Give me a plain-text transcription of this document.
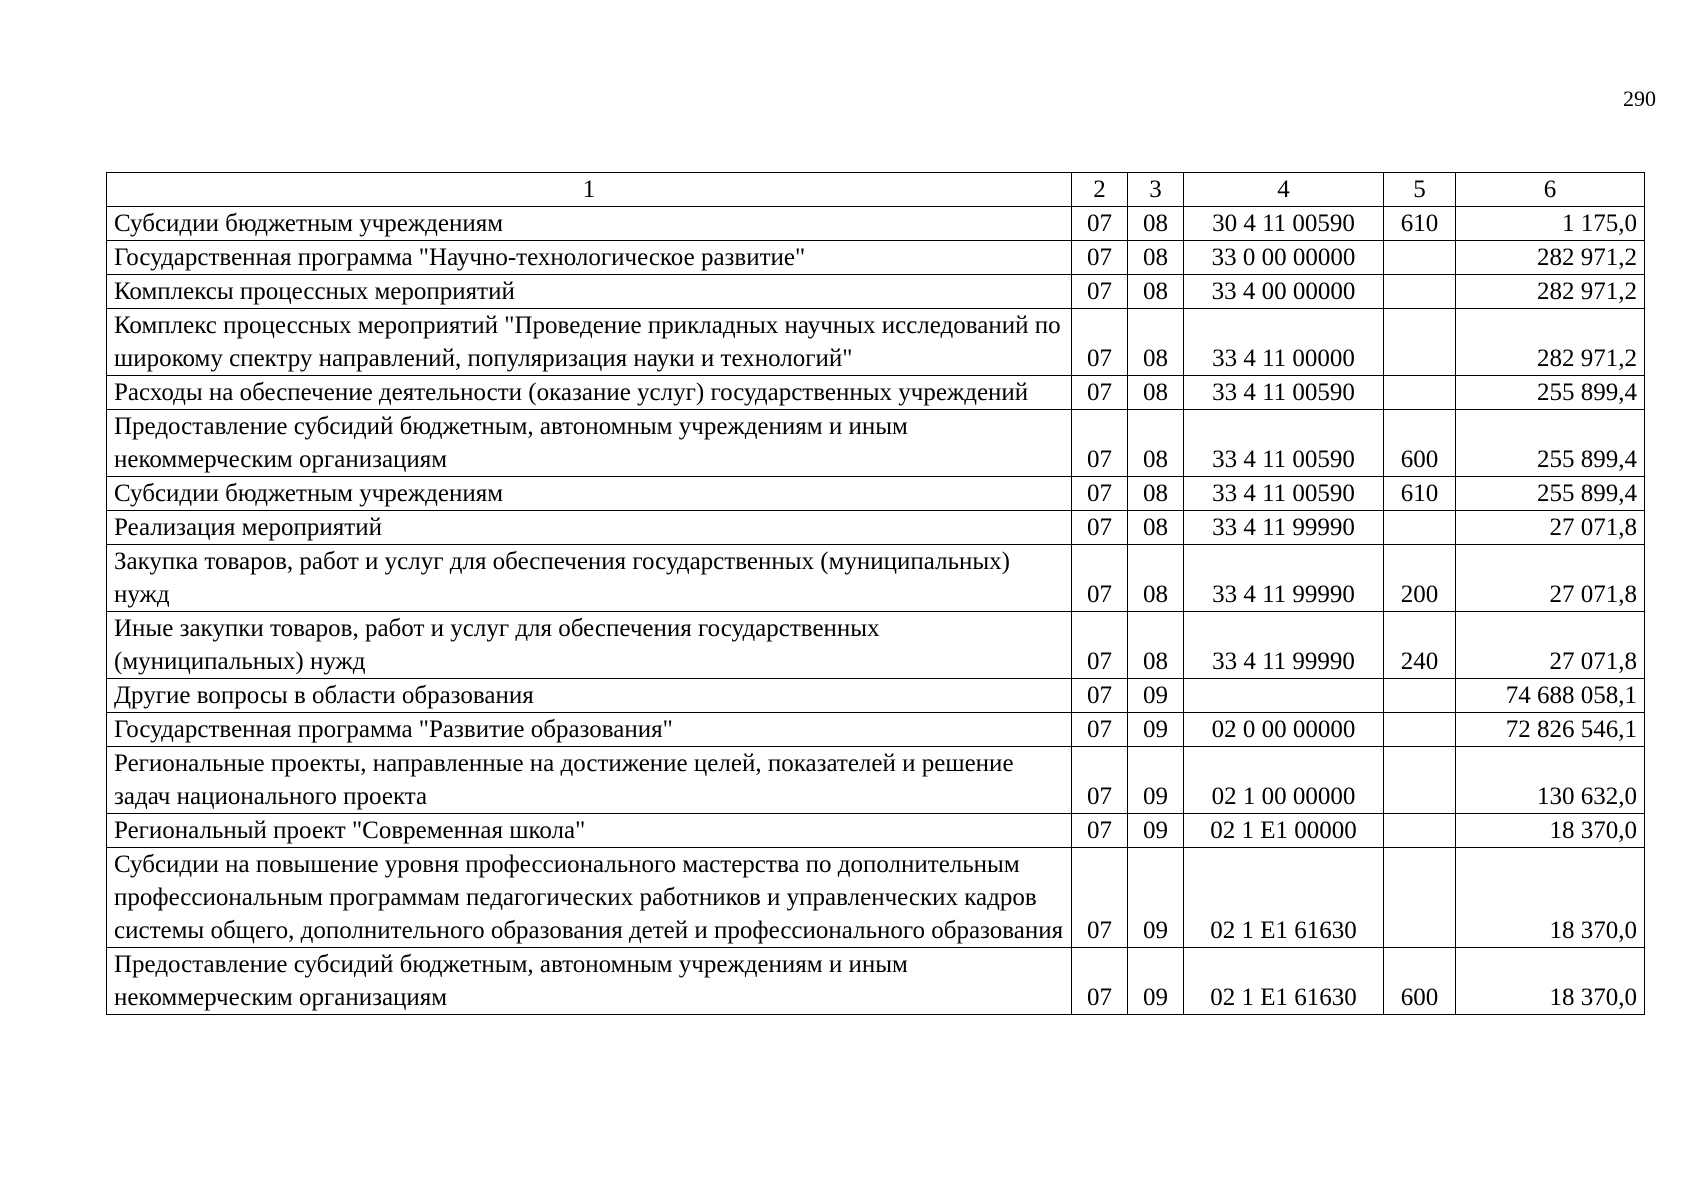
290
1	2	3	4	5	6
Субсидии бюджетным учреждениям	07	08	30 4 11 00590	610	1 175,0
Государственная программа "Научно-технологическое развитие"	07	08	33 0 00 00000		282 971,2
Комплексы процессных мероприятий	07	08	33 4 00 00000		282 971,2
Комплекс процессных мероприятий "Проведение прикладных научных исследований по широкому спектру направлений, популяризация науки и технологий"	07	08	33 4 11 00000		282 971,2
Расходы на обеспечение деятельности (оказание услуг) государственных учреждений	07	08	33 4 11 00590		255 899,4
Предоставление субсидий бюджетным, автономным учреждениям и иным некоммерческим организациям	07	08	33 4 11 00590	600	255 899,4
Субсидии бюджетным учреждениям	07	08	33 4 11 00590	610	255 899,4
Реализация мероприятий	07	08	33 4 11 99990		27 071,8
Закупка товаров, работ и услуг для обеспечения государственных (муниципальных) нужд	07	08	33 4 11 99990	200	27 071,8
Иные закупки товаров, работ и услуг для обеспечения государственных (муниципальных) нужд	07	08	33 4 11 99990	240	27 071,8
Другие вопросы в области образования	07	09			74 688 058,1
Государственная программа "Развитие образования"	07	09	02 0 00 00000		72 826 546,1
Региональные проекты, направленные на достижение целей, показателей и решение задач национального проекта	07	09	02 1 00 00000		130 632,0
Региональный проект "Современная школа"	07	09	02 1 E1 00000		18 370,0
Субсидии на повышение уровня профессионального мастерства по дополнительным профессиональным программам педагогических работников и управленческих кадров системы общего, дополнительного образования детей и профессионального образования	07	09	02 1 E1 61630		18 370,0
Предоставление субсидий бюджетным, автономным учреждениям и иным некоммерческим организациям	07	09	02 1 E1 61630	600	18 370,0
